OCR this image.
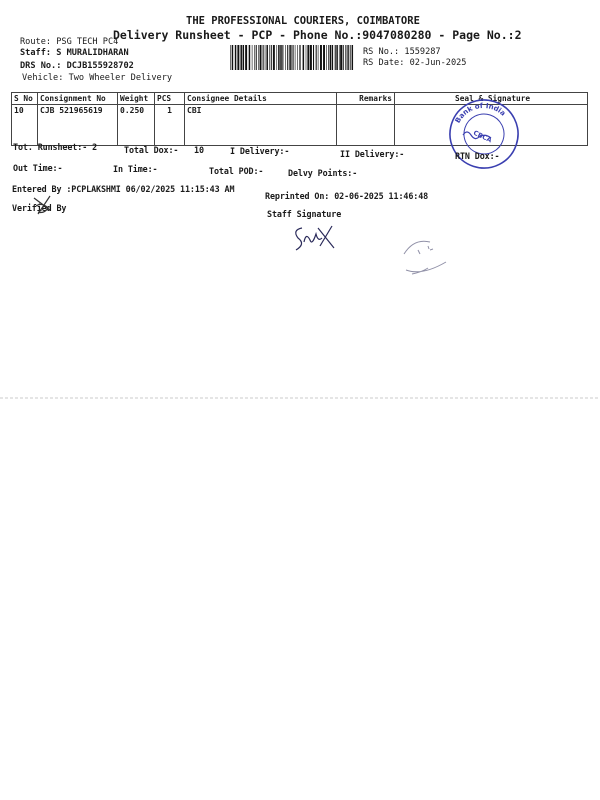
THE PROFESSIONAL COURIERS, COIMBATORE
Delivery Runsheet - PCP - Phone No.:9047080280 - Page No.:2
Route: PSG TECH PC4
Staff: S MURALIDHARAN
DRS No.: DCJB155928702
Vehicle: Two Wheeler Delivery
RS No.: 1559287
RS Date: 02-Jun-2025
S No	Consignment No	Weight	PCS	Consignee Details	Remarks	Seal & Signature
10	CJB 521965619	0.250	1	CBI		
Bank of India
CBCA
Tot. Runsheet:- 2	Total Dox:- 10	I Delivery:-	II Delivery:-	RTN Dox:-
Out Time:-	In Time:-	Total POD:-	Delvy Points:-
Entered By :PCPLAKSHMI 06/02/2025 11:15:43 AM
Reprinted On: 02-06-2025 11:46:48
Verified By
Staff Signature
